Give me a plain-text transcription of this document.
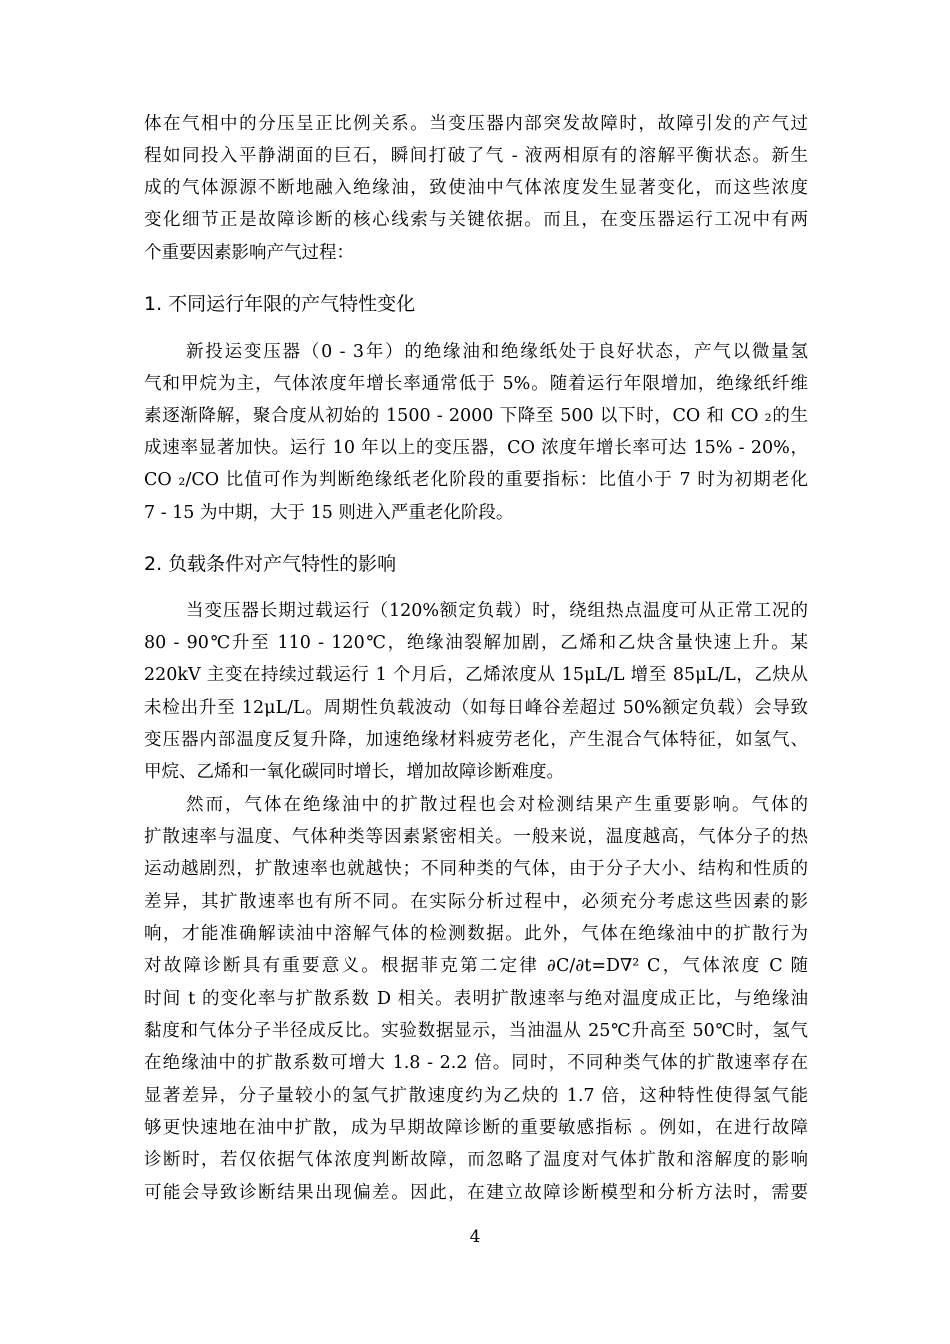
体在气相中的分压呈正比例关系。当变压器内部突发故障时，故障引发的产气过
程如同投入平静湖面的巨石，瞬间打破了气 - 液两相原有的溶解平衡状态。新生
成的气体源源不断地融入绝缘油，致使油中气体浓度发生显著变化，而这些浓度
变化细节正是故障诊断的核心线索与关键依据。而且，在变压器运行工况中有两
个重要因素影响产气过程：
1. 不同运行年限的产气特性变化
新投运变压器（0 - 3年）的绝缘油和绝缘纸处于良好状态，产气以微量氢
气和甲烷为主，气体浓度年增长率通常低于 5%。随着运行年限增加，绝缘纸纤维
素逐渐降解，聚合度从初始的 1500 - 2000 下降至 500 以下时，CO 和 CO ₂的生
成速率显著加快。运行 10 年以上的变压器，CO 浓度年增长率可达 15% - 20%，
CO ₂/CO 比值可作为判断绝缘纸老化阶段的重要指标：比值小于 7 时为初期老化
7 - 15 为中期，大于 15 则进入严重老化阶段。
2. 负载条件对产气特性的影响
当变压器长期过载运行（120%额定负载）时，绕组热点温度可从正常工况的
80 - 90℃升至 110 - 120℃，绝缘油裂解加剧，乙烯和乙炔含量快速上升。某
220kV 主变在持续过载运行 1 个月后，乙烯浓度从 15μL/L 增至 85μL/L，乙炔从
未检出升至 12μL/L。周期性负载波动（如每日峰谷差超过 50%额定负载）会导致
变压器内部温度反复升降，加速绝缘材料疲劳老化，产生混合气体特征，如氢气、
甲烷、乙烯和一氧化碳同时增长，增加故障诊断难度。
然而，气体在绝缘油中的扩散过程也会对检测结果产生重要影响。气体的
扩散速率与温度、气体种类等因素紧密相关。一般来说，温度越高，气体分子的热
运动越剧烈，扩散速率也就越快；不同种类的气体，由于分子大小、结构和性质的
差异，其扩散速率也有所不同。在实际分析过程中，必须充分考虑这些因素的影
响，才能准确解读油中溶解气体的检测数据。此外，气体在绝缘油中的扩散行为
对故障诊断具有重要意义。根据菲克第二定律 ∂C/∂t=D∇² C，气体浓度 C 随
时间 t 的变化率与扩散系数 D 相关。表明扩散速率与绝对温度成正比，与绝缘油
黏度和气体分子半径成反比。实验数据显示，当油温从 25℃升高至 50℃时，氢气
在绝缘油中的扩散系数可增大 1.8 - 2.2 倍。同时，不同种类气体的扩散速率存在
显著差异，分子量较小的氢气扩散速度约为乙炔的 1.7 倍，这种特性使得氢气能
够更快速地在油中扩散，成为早期故障诊断的重要敏感指标 。例如，在进行故障
诊断时，若仅依据气体浓度判断故障，而忽略了温度对气体扩散和溶解度的影响
可能会导致诊断结果出现偏差。因此，在建立故障诊断模型和分析方法时，需要
4
